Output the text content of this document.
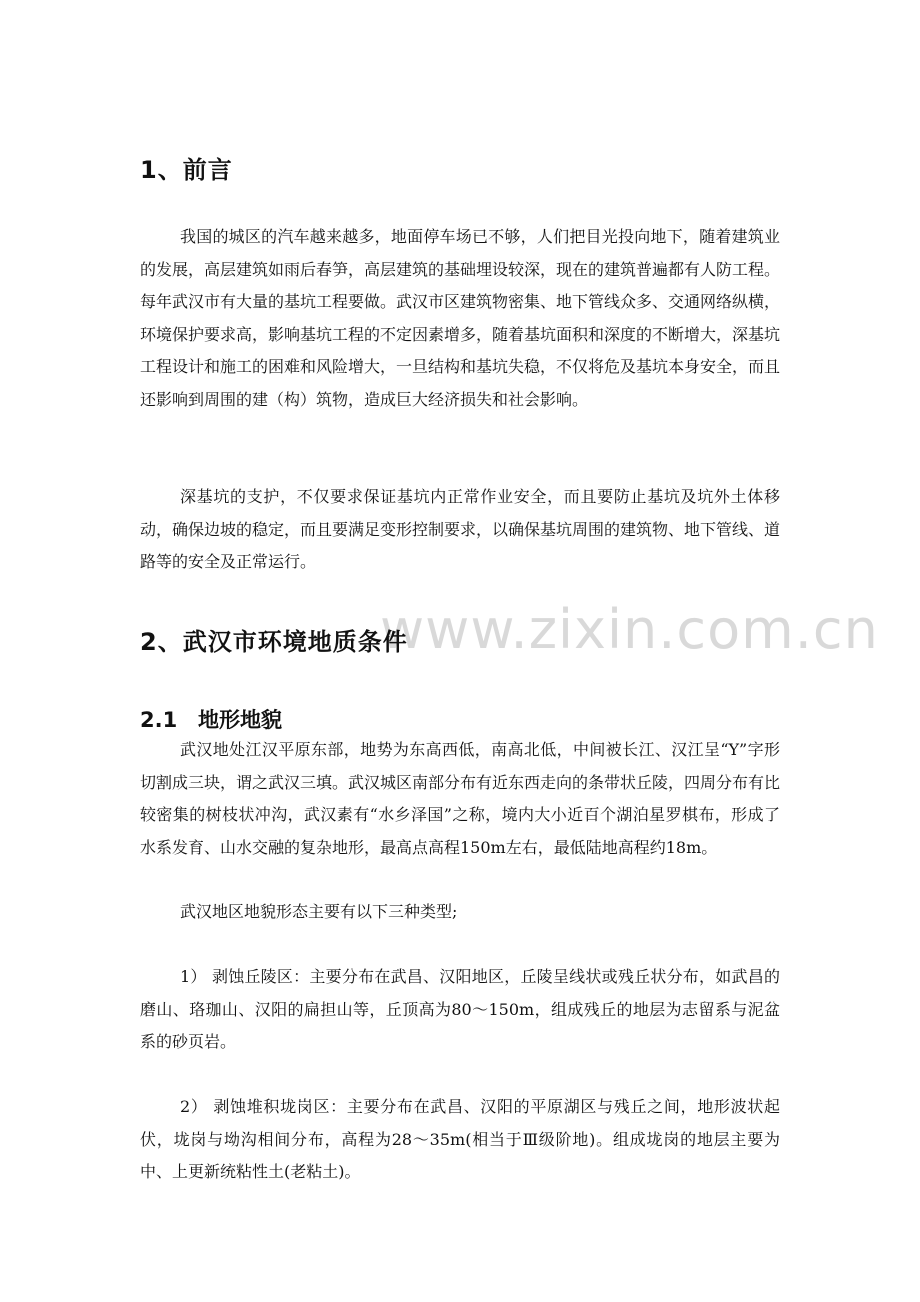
www.zixin.com.cn
1、前言

我国的城区的汽车越来越多，地面停车场已不够，人们把目光投向地下，随着建筑业的发展，高层建筑如雨后春笋，高层建筑的基础埋设较深，现在的建筑普遍都有人防工程。每年武汉市有大量的基坑工程要做。武汉市区建筑物密集、地下管线众多、交通网络纵横，环境保护要求高，影响基坑工程的不定因素增多，随着基坑面积和深度的不断增大，深基坑工程设计和施工的困难和风险增大，一旦结构和基坑失稳，不仅将危及基坑本身安全，而且还影响到周围的建（构）筑物，造成巨大经济损失和社会影响。

深基坑的支护，不仅要求保证基坑内正常作业安全，而且要防止基坑及坑外土体移动，确保边坡的稳定，而且要满足变形控制要求，以确保基坑周围的建筑物、地下管线、道路等的安全及正常运行。

2、武汉市环境地质条件
2.1 地形地貌

武汉地处江汉平原东部，地势为东高西低，南高北低，中间被长江、汉江呈“Y”字形切割成三块，谓之武汉三填。武汉城区南部分布有近东西走向的条带状丘陵，四周分布有比较密集的树枝状冲沟，武汉素有“水乡泽国”之称，境内大小近百个湖泊星罗棋布，形成了水系发育、山水交融的复杂地形，最高点高程150m左右，最低陆地高程约18m。

武汉地区地貌形态主要有以下三种类型;

1） 剥蚀丘陵区：主要分布在武昌、汉阳地区，丘陵呈线状或残丘状分布，如武昌的磨山、珞珈山、汉阳的扁担山等，丘顶高为80～150m，组成残丘的地层为志留系与泥盆系的砂页岩。

2） 剥蚀堆积垅岗区：主要分布在武昌、汉阳的平原湖区与残丘之间，地形波状起伏，垅岗与坳沟相间分布，高程为28～35m(相当于Ⅲ级阶地)。组成垅岗的地层主要为中、上更新统粘性土(老粘土)。
